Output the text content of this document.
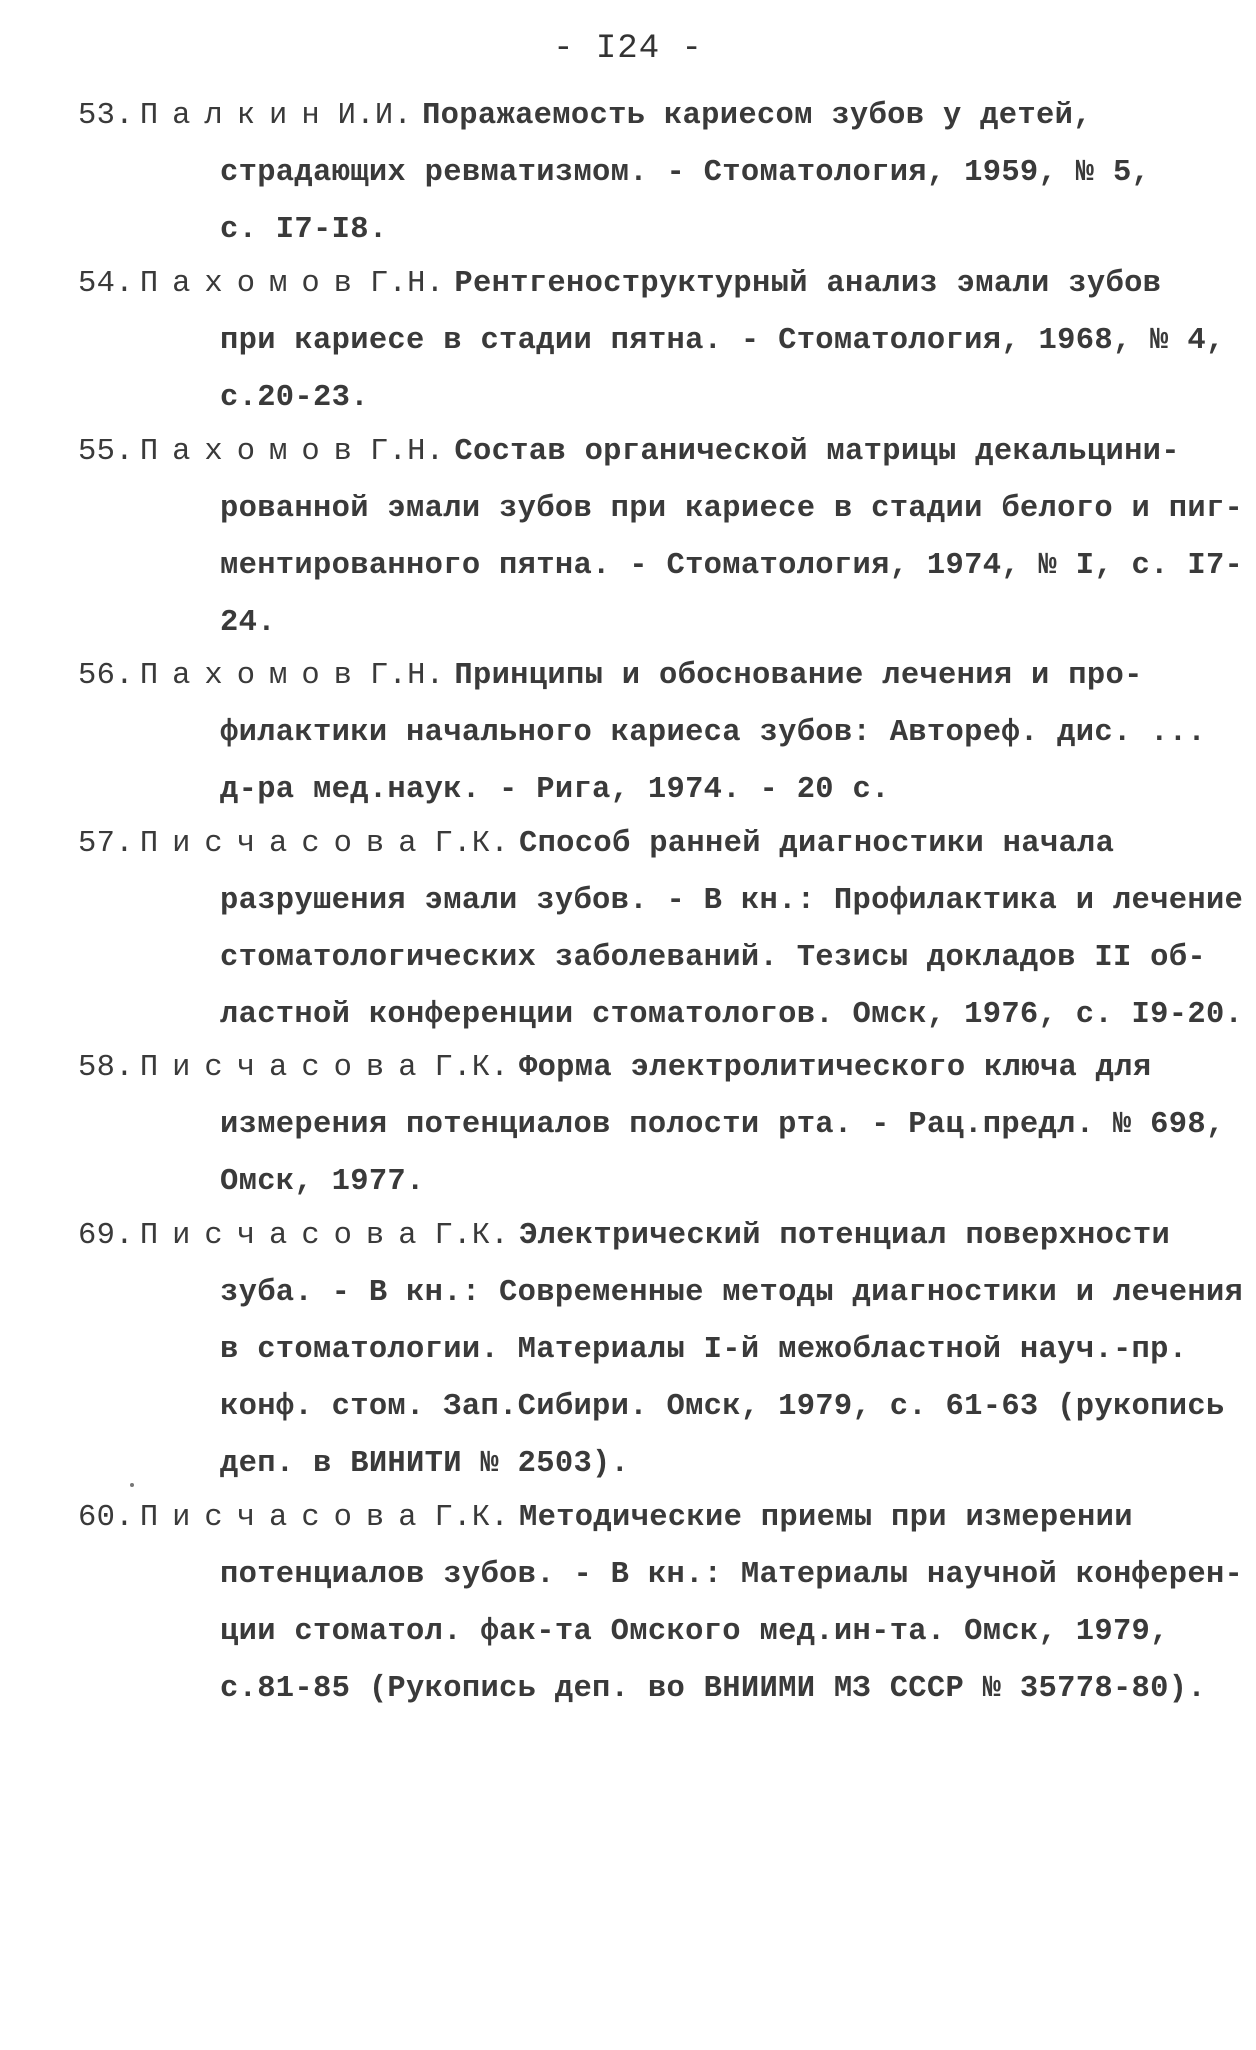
- I24 -
53. Палкин И.И. Поражаемость кариесом зубов у детей,
страдающих ревматизмом. - Стоматология, 1959, № 5,
с. I7-I8.
54. Пахомов Г.Н. Рентгеноструктурный анализ эмали зубов
при кариесе в стадии пятна. - Стоматология, 1968, № 4,
с.20-23.
55. Пахомов Г.Н. Состав органической матрицы декальцини-
рованной эмали зубов при кариесе в стадии белого и пиг-
ментированного пятна. - Стоматология, 1974, № I, с. I7-
24.
56. Пахомов Г.Н. Принципы и обоснование лечения и про-
филактики начального кариеса зубов: Автореф. дис. ...
д-ра мед.наук. - Рига, 1974. - 20 с.
57. Писчасова Г.К. Способ ранней диагностики начала
разрушения эмали зубов. - В кн.: Профилактика и лечение
стоматологических заболеваний. Тезисы докладов II об-
ластной конференции стоматологов. Омск, 1976, с. I9-20.
58. Писчасова Г.К. Форма электролитического ключа для
измерения потенциалов полости рта. - Рац.предл. № 698,
Омск, 1977.
69. Писчасова Г.К. Электрический потенциал поверхности
зуба. - В кн.: Современные методы диагностики и лечения
в стоматологии. Материалы I-й межобластной науч.-пр.
конф. стом. Зап.Сибири. Омск, 1979, с. 61-63 (рукопись
деп. в ВИНИТИ № 2503).
60. Писчасова Г.К. Методические приемы при измерении
потенциалов зубов. - В кн.: Материалы научной конферен-
ции стоматол. фак-та Омского мед.ин-та. Омск, 1979,
с.81-85 (Рукопись деп. во ВНИИМИ МЗ СССР № 35778-80).
